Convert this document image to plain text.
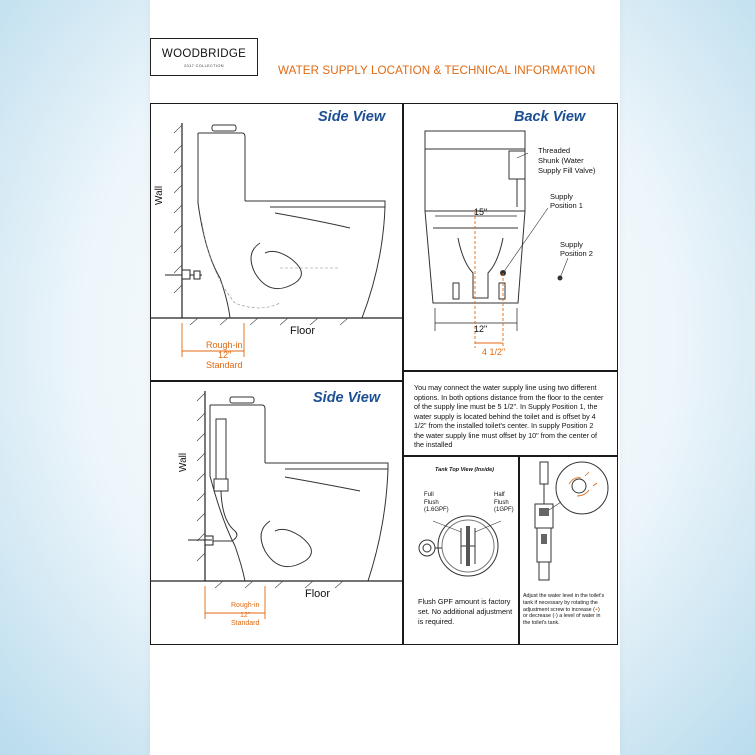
WOODBRIDGE
2017 COLLECTION	WATER SUPPLY LOCATION & TECHNICAL INFORMATION
Side View
Wall
Floor
Rough-in
12"
Standard
Back View
Threaded
Shunk (Water
Supply Fill Valve)
Supply
Position 1
Supply
Position 2
15"
12"
4 1/2"
Side View
Wall
Floor
Rough-in
12"
Standard
You may connect the water supply line using two different options. In both options distance from the floor to the center of the supply line must be 5 1/2". In Supply Position 1, the water supply is located behind the toilet and is offset by 4 1/2" from the installed toilet's center. In supply Position 2 the water supply line must offset by 10" from the center of the installed
Tank Top View (Inside)
Full
Flush
(1.6GPF)
Half
Flush
(1GPF)
Flush GPF amount is factory set. No additional adjustment is required.
Adjust the water level in the toilet's tank if necessary by rotating the adjustment screw to increase (+) or decrease (-) a level of water in the toilet's tank.
